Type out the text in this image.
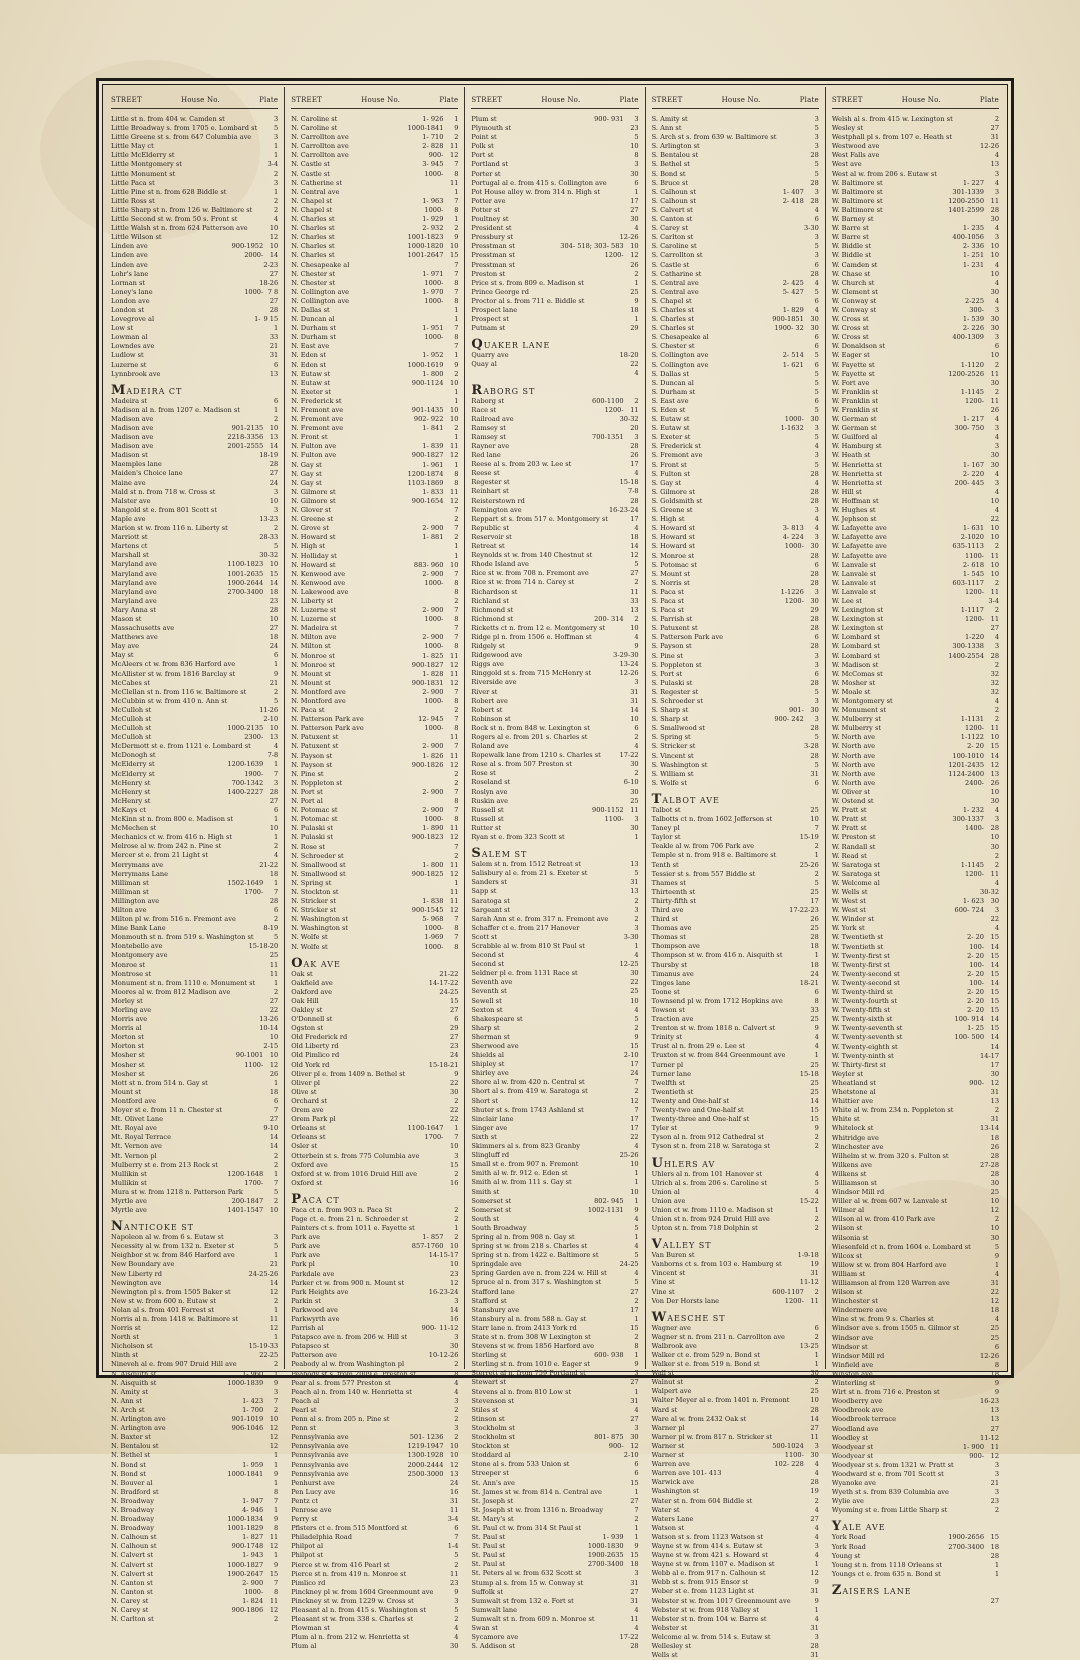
STREET	House No.	Plate
Little st n. from 404 w. Camden st	3
Little Broadway s. from 1705 e. Lombard st	5
Little Greene st s. from 647 Columbia ave	3
Little May ct	1
Little McElderry st	1
Little Montgomery st	3-4
Little Monument st	2
Little Paca st	3
Little Pine st n. from 628 Biddle st	1
Little Ross st	2
Little Sharp st n. from 126 w. Baltimore st	2
Little Second st w. from 50 s. Front st	4
Little Walsh st n. from 624 Patterson ave	10
Little Wilson st	12
Linden ave	900-1952	10
Linden ave	2000-	14
Linden ave	2-23
Lohr's lane	27
Lorman st	18-26
Loney's lane	1000- 7 8
London ave	27
London st	28
Lovegrove al	1- 9 15
Low st	1
Lowman al	33
Lowndes ave	21
Ludlow st	31
Luzerne st	6
Lynnbrook ave	13
MADEIRA CT
Madeira st	6
Madison al n. from 1207 e. Madison st	1
Madison ave	2
Madison ave	901-2135	10
Madison ave	2218-3356	13
Madison ave	2001-2555	14
Madison st	18-19
Maemples lane	28
Maiden's Choice lane	27
Maine ave	24
Mald st n. from 718 w. Cross st	3
Malster ave	10
Mangold st e. from 801 Scott st	3
Maple ave	13-23
Marion st w. from 116 n. Liberty st	2
Marriott st	28-33
Martens ct	5
Marshall st	30-32
Maryland ave	1100-1823	10
Maryland ave	1001-2635	15
Maryland ave	1900-2644	14
Maryland ave	2700-3400	18
Maryland ave	23
Mary Anna st	28
Mason st	10
Massachusetts ave	27
Matthews ave	18
May ave	24
May st	6
McAleers ct w. from 836 Harford ave	1
McAllister st w. from 1816 Barclay st	9
McCabes st	21
McClellan st n. from 116 w. Baltimore st	2
McCubbin st w. from 410 n. Ann st	5
McCulloh st	11-26
McCulloh st	2-10
McCulloh st	1000-2135	10
McCulloh st	2300-	13
McDermott st e. from 1121 e. Lombard st	4
McDonogh st	7-8
McElderry st	1200-1639	1
McElderry st	1900-	7
McHenry st	700-1342	3
McHenry st	1400-2227	28
McHenry st	27
McKays ct	6
McKinn st n. from 800 e. Madison st	1
McMechen st	10
Mechanics ct w. from 416 n. High st	1
Melrose al w. from 242 n. Pine st	2
Mercer st e. from 21 Light st	4
Merrymans ave	21-22
Merrymans Lane	18
Milliman st	1502-1649	1
Milliman st	1700-	7
Millington ave	28
Milton ave	6
Milton pl w. from 516 n. Fremont ave	2
Mine Bank Lane	8-19
Monmouth st n. from 519 s. Washington st	5
Montebello ave	15-18-20
Montgomery ave	25
Monroe st	11
Montrose st	11
Monument st n. from 1110 e. Monument st	1
Moores al w. from 812 Madison ave	2
Morley st	27
Morling ave	22
Morris ave	13-26
Morris al	10-14
Morton st	10
Morton st	2-15
Mosher st	90-1001	10
Mosher st	1100-	12
Mosher st	26
Mott st n. from 514 n. Gay st	1
Mount st	18
Montford ave	6
Moyer st e. from 11 n. Chester st	7
Mt. Olivet Lane	27
Mt. Royal ave	9-10
Mt. Royal Terrace	14
Mt. Vernon ave	14
Mt. Vernon pl	2
Mulberry st e. from 213 Rock st	2
Mullikin st	1200-1648	1
Mullikin st	1700-	7
Mura st w. from 1218 n. Patterson Park	5
Myrtle ave	200-1847	2
Myrtle ave	1401-1547	10
NANTICOKE ST
Napoleon al w. from 6 s. Eutaw st	3
Necessity al w. from 132 n. Exeter st	5
Neighbor st w. from 846 Harford ave	1
New Boundary ave	21
New Liberty rd	24-25-26
Newington ave	14
Newington pl s. from 1505 Baker st	12
New st w. from 600 n. Eutaw st	2
Nolan al s. from 401 Forrest st	1
Norris al n. from 1418 w. Baltimore st	11
Norris st	12
North st	1
Nicholson st	15-19-33
Ninth st	22-25
Nineveh al e. from 907 Druid Hill ave	2
N. Aisquith st	1- 960	1
N. Aisquith st	1000-1839	9
N. Amity st	3
N. Ann st	1- 423	7
N. Arch st	1- 700	2
N. Arlington ave	901-1019	10
N. Arlington ave	906-1046	12
N. Baxter st	12
N. Bentalou st	12
N. Bethel st	1
N. Bond st	1- 959	1
N. Bond st	1000-1841	9
N. Bouver al	1
N. Bradford st	8
N. Broadway	1- 947	7
N. Broadway	4- 946	1
N. Broadway	1000-1834	9
N. Broadway	1001-1829	8
N. Calhoun st	1- 827	11
N. Calhoun st	900-1748	12
N. Calvert st	1- 943	1
N. Calvert st	1000-1827	9
N. Calvert st	1900-2647	15
N. Canton st	2- 900	7
N. Canton st	1000-	8
N. Carey st	1- 824	11
N. Carey st	900-1806	12
N. Carlton st	2
STREET	House No.	Plate
N. Caroline st	1- 926	1
N. Caroline st	1000-1841	9
N. Carrollton ave	1- 710	2
N. Carrollton ave	2- 828	11
N. Carrollton ave	900-	12
N. Castle st	3- 945	7
N. Castle st	1000-	8
N. Catherine st	11
N. Central ave	1
N. Chapel st	1- 963	7
N. Chapel st	1000-	8
N. Charles st	1- 929	1
N. Charles st	2- 932	2
N. Charles st	1001-1823	9
N. Charles st	1000-1820	10
N. Charles st	1001-2647	15
N. Chesapeake al	7
N. Chester st	1- 971	7
N. Chester st	1000-	8
N. Collington ave	1- 970	7
N. Collington ave	1000-	8
N. Dallas st	1
N. Duncan al	1
N. Durham st	1- 951	7
N. Durham st	1000-	8
N. East ave	7
N. Eden st	1- 952	1
N. Eden st	1000-1619	9
N. Eutaw st	1- 800	2
N. Eutaw st	900-1124	10
N. Exeter st	1
N. Frederick st	1
N. Fremont ave	901-1435	10
N. Fremont ave	902- 922	10
N. Fremont ave	1- 841	2
N. Front st	1
N. Fulton ave	1- 839	11
N. Fulton ave	900-1827	12
N. Gay st	1- 961	1
N. Gay st	1200-1874	8
N. Gay st	1103-1869	8
N. Gilmore st	1- 833	11
N. Gilmore st	900-1654	12
N. Glover st	7
N. Greene st	2
N. Grove st	2- 900	7
N. Howard st	1- 881	2
N. High st	1
N. Holliday st	1
N. Howard st	883- 960	10
N. Kenwood ave	2- 900	7
N. Kenwood ave	1000-	8
N. Lakewood ave	8
N. Liberty st	2
N. Luzerne st	2- 900	7
N. Luzerne st	1000-	8
N. Madeira st	7
N. Milton ave	2- 900	7
N. Milton st	1000-	8
N. Monroe st	1- 825	11
N. Monroe st	900-1827	12
N. Mount st	1- 828	11
N. Mount st	900-1831	12
N. Montford ave	2- 900	7
N. Montford ave	1000-	8
N. Paca st	2
N. Patterson Park ave	12- 945	7
N. Patterson Park ave	1000-	8
N. Patuxent st	11
N. Patuxent st	2- 900	7
N. Payson st	1- 826	11
N. Payson st	900-1826	12
N. Pine st	2
N. Poppleton st	2
N. Port st	2- 900	7
N. Port al	8
N. Potomac st	2- 900	7
N. Potomac st	1000-	8
N. Pulaski st	1- 890	11
N. Pulaski st	900-1823	12
N. Rose st	7
N. Schroeder st	2
N. Smallwood st	1- 800	11
N. Smallwood st	900-1825	12
N. Spring st	1
N. Stockton st	11
N. Stricker st	1- 838	11
N. Stricker st	900-1545	12
N. Washington st	5- 968	7
N. Washington st	1000-	8
N. Wolfe st	1-969	7
N. Wolfe st	1000-	8
OAK AVE
Oak st	21-22
Oakfield ave	14-17-22
Oakford ave	24-25
Oak Hill	15
Oakley st	27
O'Donnell st	6
Ogston st	29
Old Frederick rd	27
Old Liberty rd	23
Old Pimlico rd	24
Old York rd	15-18-21
Oliver pl e. from 1409 n. Bethel st	9
Oliver pl	22
Olive st	30
Orchard st	2
Orem ave	22
Orem Park pl	22
Orleans st	1100-1647	1
Orleans st	1700-	7
Osler st	10
Otterbein st s. from 775 Columbia ave	3
Oxford ave	15
Oxford st w. from 1016 Druid Hill ave	2
Oxford st	16
PACA CT
Paca ct n. from 903 n. Paca St	2
Page ct. e. from 21 n. Schroeder st	2
Painters ct s. from 1011 e. Fayette st	1
Park ave	1- 857	2
Park ave	857-1760	10
Park ave	14-15-17
Park pl	10
Parkdale ave	23
Parker ct w. from 900 n. Mount st	12
Park Heights ave	16-23-24
Parkin st	3
Parkwood ave	14
Parkwyrth ave	16
Parrish al	900- 11-12
Patapsco ave n. from 206 w. Hill st	3
Patapsco st	30
Patterson ave	10-12-26
Peabody al w. from Washington pl	2
Peabody st s. from 2009 e. Preston st	8
Pear al s. from 577 Preston st	4
Peach al n. from 140 w. Henrietta st	4
Peach al	3
Pearl st	2
Penn al s. from 205 n. Pine st	2
Penn st	3
Pennsylvania ave	501- 1236	2
Pennsylvania ave	1219-1947	10
Pennsylvania ave	1300-1928	10
Pennsylvania ave	2000-2444	12
Pennsylvania ave	2500-3000	13
Penhurst ave	24
Pen Lucy ave	16
Pentz ct	31
Penrose ave	11
Perry st	3-4
Pfisters ct e. from 515 Montford st	6
Philadelphia Road	7
Philpot al	1-4
Philpot st	5
Pierce st w. from 416 Pearl st	2
Pierce st n. from 419 n. Monroe st	11
Pimlico rd	23
Pinckney pl w. from 1604 Greenmount ave	9
Pinckney st w. from 1229 w. Cross st	3
Pleasant al n. from 415 s. Washington st	5
Pleasant st w. from 338 s. Charles st	2
Plowman st	4
Plum al n. from 212 w. Henrietta st	4
Plum al	30
STREET	House No.	Plate
Plum st	900- 931	3
Plymouth st	23
Point st	5
Polk st	10
Port st	8
Portland st	3
Porter st	30
Portugal al e. from 415 s. Collington ave	6
Pot House alley w. from 314 n. High st	1
Potter ave	17
Potter st	27
Poultney st	30
President st	4
Pressbury st	12-26
Presstman st	304- 518; 303- 583	10
Presstman st	1200-	12
Presstman st	26
Preston st	2
Price st s. from 809 e. Madison st	1
Prince George rd	25
Proctor al s. from 711 e. Biddle st	9
Prospect lane	18
Prospect st	1
Putnam st	29
QUAKER LANE
Quarry ave	18-20
Quay al	22
4
RABORG ST
Raborg st	600-1100	2
Race st	1200-	11
Railroad ave	30-32
Ramsey st	20
Ramsey st	700-1351	3
Rayner ave	28
Red lane	26
Reese al s. from 203 w. Lee st	17
Reese st	4
Regester st	15-18
Reinhart st	7-8
Reisterstown rd	28
Remington ave	16-23-24
Reppart st s. from 517 e. Montgomery st	17
Republic st	4
Reservoir st	18
Retreat st	14
Reynolds st w. from 140 Chestnut st	12
Rhode Island ave	5
Rice st w. from 708 n. Fremont ave	27
Rice st w. from 714 n. Carey st	2
Richardson st	11
Richland st	33
Richmond st	13
Richmond st	200- 314	2
Ricketts ct n. from 12 e. Montgomery st	10
Ridge pl n. from 1506 e. Hoffman st	4
Ridgely st	9
Ridgewood ave	3-29-30
Riggs ave	13-24
Ringgold st s. from 715 McHenry st	12-26
Riverside ave	3
River st	31
Robert ave	31
Robert st	14
Robinson st	10
Rock st n. from 848 w. Lexington st	6
Rogers al e. from 201 s. Charles st	2
Roland ave	4
Ropewalk lane from 1210 s. Charles st	17-22
Rose al s. from 507 Preston st	30
Rose st	2
Roseland st	6-10
Roslyn ave	30
Ruskin ave	25
Russell st	900-1152	11
Russell st	1100-	3
Rutter st	30
Ryan st e. from 323 Scott st	1
SALEM ST
Salem st n. from 1512 Retreat st	13
Salisbury al e. from 21 s. Exeter st	5
Sanders st	31
Sapp st	13
Saratoga st	2
Sargeant st	3
Sarah Ann st e. from 317 n. Fremont ave	2
Schaffer ct e. from 217 Hanover	3
Scott st	3-30
Scrabble al w. from 810 St Paul st	1
Second st	4
Second st	12-25
Seldner pl e. from 1131 Race st	30
Seventh ave	22
Seventh st	25
Sewell st	10
Sexton st	4
Shakespeare st	5
Sharp st	2
Sherman st	9
Sherwood ave	15
Shields al	2-10
Shipley st	17
Shirley ave	24
Shore al w. from 420 n. Central st	7
Short al s. from 419 w. Saratoga st	2
Short st	12
Shuter st s. from 1743 Ashland st	7
Sinclair lane	17
Singer ave	17
Sixth st	22
Skimmers al s. from 823 Granby	4
Slingluff rd	25-26
Small st e. from 907 n. Fremont	10
Smith al w. fr. 912 e. Eden st	1
Smith al w. from 111 s. Gay st	1
Smith st	10
Somerset st	802- 945	1
Somerset st	1002-1131	9
South st	4
South Broadway	5
Spring al n. from 908 n. Gay st	1
Spring st w. from 218 s. Charles st	4
Spring st n. from 1422 e. Baltimore st	5
Springdale ave	24-25
Spring Garden ave n. from 224 w. Hill st	4
Spruce al n. from 317 s. Washington st	5
Stafford lane	27
Stafford st	2
Stansbury ave	17
Stansbury al n. from 588 n. Gay st	1
Starr lane n. from 2413 York rd	15
State st n. from 308 W Lexington st	2
Stevens st w. from 1856 Harford ave	8
Sterling st	600- 938	1
Sterling st n. from 1010 e. Eager st	9
Sterrett al n. from 759 Portland st	3
Stewart st	27
Stevens al n. from 810 Low st	1
Stevenson st	31
Stiles st	4
Stinson st	27
Stockholm st	3
Stockholm st	801- 875	30
Stockton st	900-	12
Stoddard al	2-10
Stone al s. from 533 Union st	6
Streeper st	6
St. Ann's ave	15
St. James st w. from 814 n. Central ave	1
St. Joseph st	27
St. Joseph st w. from 1316 n. Broadway	7
St. Mary's st	2
St. Paul ct w. from 314 St Paul st	1
St. Paul st	1- 939	1
St. Paul st	1000-1830	9
St. Paul st	1900-2635	15
St. Paul st	2700-3400	18
St. Peters al w. from 632 Scott st	3
Stump al s. from 15 w. Conway st	31
Suffolk st	27
Sumwalt st from 132 e. Fort st	31
Sumwalt lane	4
Sumwalt st n. from 609 n. Monroe st	11
Swan st	4
Sycamore ave	17-22
S. Addison st	28
STREET	House No.	Plate
S. Amity st	3
S. Ann st	5
S. Arch st s. from 639 w. Baltimore st	3
S. Arlington st	3
S. Bentalou st	28
S. Bethel st	5
S. Bond st	5
S. Bruce st	28
S. Calhoun st	1- 407	3
S. Calhoun st	2- 418	28
S. Calvert st	4
S. Canton st	6
S. Carey st	3-30
S. Carlton st	3
S. Caroline st	5
S. Carrollton st	3
S. Castle st	6
S. Catharine st	28
S. Central ave	2- 425	4
S. Central ave	5- 427	5
S. Chapel st	6
S. Charles st	1- 829	4
S. Charles st	900-1851	30
S. Charles st	1900- 32	30
S. Chesapeake al	6
S. Chester st	6
S. Collington ave	2- 514	5
S. Collington ave	1- 621	6
S. Dallas st	5
S. Duncan al	5
S. Durham st	5
S. East ave	6
S. Eden st	5
S. Eutaw st	1000-	30
S. Eutaw st	1-1632	3
S. Exeter st	5
S. Frederick st	4
S. Fremont ave	3
S. Front st	5
S. Fulton st	28
S. Gay st	4
S. Gilmore st	28
S. Goldsmith st	28
S. Greene st	3
S. High st	4
S. Howard st	3- 813	4
S. Howard st	4- 224	3
S. Howard st	1000-	30
S. Monroe st	28
S. Potomac st	6
S. Mount st	28
S. Norris st	28
S. Paca st	1-1226	3
S. Paca st	1200-	30
S. Paca st	29
S. Parrish st	28
S. Patuxent st	28
S. Patterson Park ave	6
S. Payson st	28
S. Pine st	3
S. Poppleton st	3
S. Port st	6
S. Pulaski st	28
S. Regester st	5
S. Schroeder st	3
S. Sharp st	901-	30
S. Sharp st	900- 242	3
S. Smallwood st	28
S. Spring st	5
S. Stricker st	3-28
S. Vincent st	28
S. Washington st	5
S. William st	31
S. Wolfe st	6
TALBOT AVE
Talbot st	25
Talbotts ct n. from 1602 Jefferson st	10
Taney pl	7
Taylor st	15-19
Teakle al w. from 706 Park ave	2
Temple st n. from 918 e. Baltimore st	1
Tenth st	25-26
Tessier st s. from 557 Biddle st	2
Thames st	5
Thirteenth st	25
Thirty-fifth st	17
Third ave	17-22-23
Third st	26
Thomas ave	25
Thomas st	28
Thompson ave	18
Thompson st w. from 416 n. Aisquith st	1
Thursby st	18
Timanus ave	24
Tinges lane	18-21
Toone st	6
Townsend pl w. from 1712 Hopkins ave	8
Towson st	33
Traction ave	25
Trenton st w. from 1818 n. Calvert st	9
Trinity st	4
Trust al n. from 29 e. Lee st	4
Truxton st w. from 844 Greenmount ave	1
Turner pl	25
Turner lane	15-18
Twelfth st	25
Twentieth st	25
Twenty and One-half st	14
Twenty-two and One-half st	15
Twenty-three and One-half st	15
Tyler st	9
Tyson al n. from 912 Cathedral st	2
Tyson st n. from 218 w. Saratoga st	2
UHLERS AV
Uhlers al n. from 101 Hanover st	4
Ulrich al s. from 206 s. Caroline st	5
Union al	4
Union ave	15-22
Union ct w. from 1110 e. Madison st	1
Union st n. from 924 Druid Hill ave	2
Upton st n. from 718 Dolphin st	2
VALLEY ST
Van Buren st	1-9-18
Vanborns ct s. from 103 e. Hamburg st	19
Vincent st	31
Vine st	11-12
Vine st	600-1107	2
Von Der Horsts lane	1200-	11
WAESCHE ST
Wagner ave	6
Wagner st n. from 211 n. Carrollton ave	2
Walbrook ave	13-25
Walker ct e. from 529 n. Bond st	1
Walker st e. from 519 n. Bond st	1
Wall st	30
Walnut st	2
Walpert ave	25
Walter Meyer al e. from 1401 n. Fremont	10
Ward st	28
Ware al w. from 2432 Oak st	14
Warner pl	27
Warner pl w. from 817 n. Stricker st	11
Warner st	500-1024	3
Warner st	1100-	30
Warren ave	102- 228	4
Warren ave 101- 413	4
Warwick ave	28
Washington st	19
Water st n. from 604 Biddle st	2
Water st	4
Waters Lane	27
Watson st	4
Watson st s. from 1123 Watson st	4
Wayne st w. from 414 s. Eutaw st	3
Wayne st w. from 421 s. Howard st	4
Wayne st w. from 1107 e. Madison st	1
Webb al e. from 917 n. Calhoun st	12
Webb st s. from 915 Ensor st	9
Weber st e. from 1123 Light st	31
Webster st w. from 1017 Greenmount ave	9
Webster st w. from 918 Valley st	1
Webster st n. from 104 w. Barre st	4
Webster st	31
Welcome al w. from 514 s. Eutaw st	3
Wellesley st	28
Wells st	31
STREET	House No.	Plate
Welsh al s. from 415 w. Lexington st	2
Wesley st	27
Westphall pl s. from 107 e. Heath st	31
Westwood ave	12-26
West Falls ave	4
West ave	13
West al w. from 206 s. Eutaw st	3
W. Baltimore st	1- 227	4
W. Baltimore st	301-1339	3
W. Baltimore st	1200-2550	11
W. Baltimore st	1401-2599	28
W. Barney st	30
W. Barre st	1- 235	4
W. Barre st	400-1056	3
W. Biddle st	2- 336	10
W. Biddle st	1- 251	10
W. Camden st	1- 231	4
W. Chase st	10
W. Church st	4
W. Clement st	30
W. Conway st	2-225	4
W. Conway st	300-	3
W. Cross st	1- 539	30
W. Cross st	2- 226	30
W. Cross st	400-1309	3
W. Donaldson st	6
W. Eager st	10
W. Fayette st	1-1120	2
W. Fayette st	1200-2526	11
W. Fort ave	30
W. Franklin st	1-1145	2
W. Franklin st	1200-	11
W. Franklin st	26
W. German st	1- 217	4
W. German st	300- 750	3
W. Guilford al	4
W. Hamburg st	3
W. Heath st	30
W. Henrietta st	1- 167	30
W. Henrietta st	2- 220	4
W. Henrietta st	200- 445	3
W. Hill st	4
W. Hoffman st	10
W. Hughes st	4
W. Jephson st	22
W. Lafayette ave	1- 631	10
W. Lafayette ave	2-1020	10
W. Lafayette ave	635-1113	2
W. Lafayette ave	1100-	11
W. Lanvale st	2- 618	10
W. Lanvale st	1- 545	10
W. Lanvale st	603-1117	2
W. Lanvale st	1200-	11
W. Lee st	3-4
W. Lexington st	1-1117	2
W. Lexington st	1200-	11
W. Lexington st	27
W. Lombard st	1-220	4
W. Lombard st	300-1338	3
W. Lombard st	1400-2554	28
W. Madison st	2
W. McComas st	32
W. Mosher st	32
W. Moale st	32
W. Montgomery st	4
W. Monument st	2
W. Mulberry st	1-1131	2
W. Mulberry st	1200-	11
W. North ave	1-1122	10
W. North ave	2- 20	15
W. North ave	100-1010	14
W. North ave	1201-2435	12
W. North ave	1124-2400	13
W. North ave	2400-	26
W. Oliver st	10
W. Ostend st	30
W. Pratt st	1- 232	4
W. Pratt st	300-1337	3
W. Pratt st	1400-	28
W. Preston st	10
W. Randall st	30
W. Read st	2
W. Saratoga st	1-1145	2
W. Saratoga st	1200-	11
W. Welcome al	4
W. Wells st	30-32
W. West st	1- 623	30
W. West st	600- 724	3
W. Winder st	22
W. York st	4
W. Twentieth st	2- 20	15
W. Twentieth st	100-	14
W. Twenty-first st	2- 20	15
W. Twenty-first st	100-	14
W. Twenty-second st	2- 20	15
W. Twenty-second st	100-	14
W. Twenty-third st	2- 20	15
W. Twenty-fourth st	2- 20	15
W. Twenty-fifth st	2- 20	15
W. Twenty-sixth st	100- 914	14
W. Twenty-seventh st	1- 25	15
W. Twenty-seventh st	100- 500	14
W. Twenty-eighth st	14
W. Twenty-ninth st	14-17
W. Thirty-first st	17
Weyler st	30
Wheatland st	900-	12
Whetstone al	31
Whittier ave	13
White al w. from 234 n. Poppleton st	2
White st	31
Whitelock st	13-14
Whitridge ave	18
Winchester ave	26
Wilhelm st w. from 320 s. Fulton st	28
Wilkens ave	27-28
Wilkens st	28
Williamson st	30
Windsor Mill rd	25
Willer al w. from 607 w. Lanvale st	10
Wilmer al	12
Wilson al w. from 410 Park ave	2
Wilson st	10
Wilsonia st	30
Wiesenfeld ct n. from 1604 e. Lombard st	5
Wilcox st	9
Willow st w. from 804 Harford ave	1
William st	4
Williamson al from 120 Warren ave	31
Wilson st	22
Winchester st	12
Windermere ave	18
Wine st w. from 9 s. Charles st	4
Windsor ave s. from 1505 n. Gilmor st	25
Windsor ave	25
Windsor st	6
Windsor Mill rd	12-26
Winfield ave	8
Winston ave	18
Winterling st	9
Wirt st n. from 716 e. Preston st	9
Woodberry ave	16-23
Woodbrook ave	13
Woodbrook terrace	13
Woodland ave	27
Woodley st	11-12
Woodyear st	1- 900	11
Woodyear st	900-	12
Woodyear st s. from 1321 w. Pratt st	3
Woodward st e. from 701 Scott st	3
Wyanoke ave	21
Wyeth st s. from 839 Columbia ave	3
Wylie ave	23
Wyoming st e. from Little Sharp st	2
YALE AVE
York Road	1900-2656	15
York Road	2700-3400	18
Young st	28
Young st n. from 1118 Orleans st	1
Youngs ct e. from 635 n. Bond st	1
ZAISERS LANE
27
